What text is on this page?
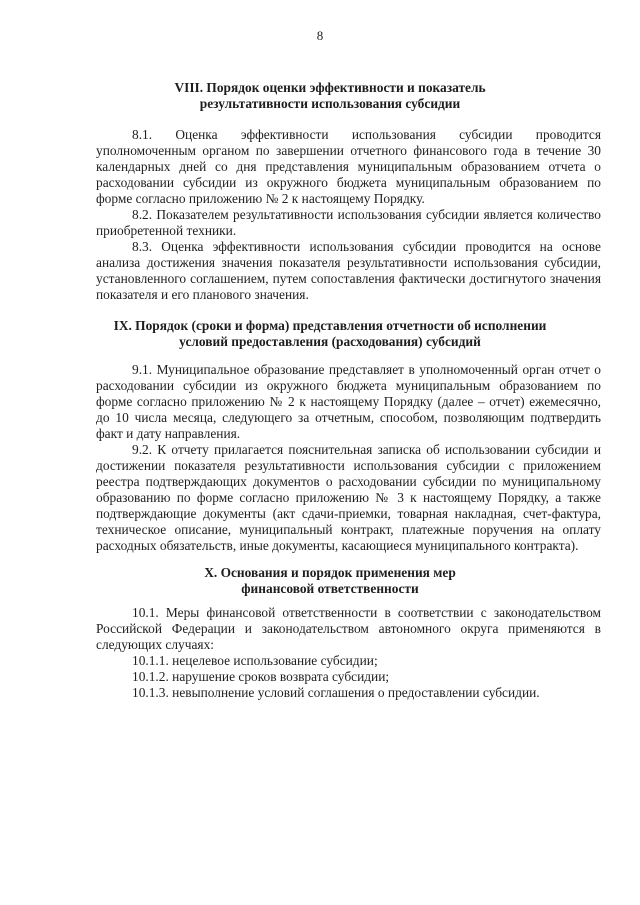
8
VIII. Порядок оценки эффективности и показатель
результативности использования субсидии

8.1. Оценка эффективности использования субсидии проводится уполномоченным органом по завершении отчетного финансового года в течение 30 календарных дней со дня представления муниципальным образованием отчета о расходовании субсидии из окружного бюджета муниципальным образованием по форме согласно приложению № 2 к настоящему Порядку.

8.2. Показателем результативности использования субсидии является количество приобретенной техники.

8.3. Оценка эффективности использования субсидии проводится на основе анализа достижения значения показателя результативности использования субсидии, установленного соглашением, путем сопоставления фактически достигнутого значения показателя и его планового значения.

IX. Порядок (сроки и форма) представления отчетности об исполнении
условий предоставления (расходования) субсидий

9.1. Муниципальное образование представляет в уполномоченный орган отчет о расходовании субсидии из окружного бюджета муниципальным образованием по форме согласно приложению № 2 к настоящему Порядку (далее – отчет) ежемесячно, до 10 числа месяца, следующего за отчетным, способом, позволяющим подтвердить факт и дату направления.

9.2. К отчету прилагается пояснительная записка об использовании субсидии и достижении показателя результативности использования субсидии с приложением реестра подтверждающих документов о расходовании субсидии по муниципальному образованию по форме согласно приложению № 3 к настоящему Порядку, а также подтверждающие документы (акт сдачи-приемки, товарная накладная, счет-фактура, техническое описание, муниципальный контракт, платежные поручения на оплату расходных обязательств, иные документы, касающиеся муниципального контракта).

X. Основания и порядок применения мер
финансовой ответственности

10.1. Меры финансовой ответственности в соответствии с законодательством Российской Федерации и законодательством автономного округа применяются в следующих случаях:

10.1.1. нецелевое использование субсидии;

10.1.2. нарушение сроков возврата субсидии;

10.1.3. невыполнение условий соглашения о предоставлении субсидии.
